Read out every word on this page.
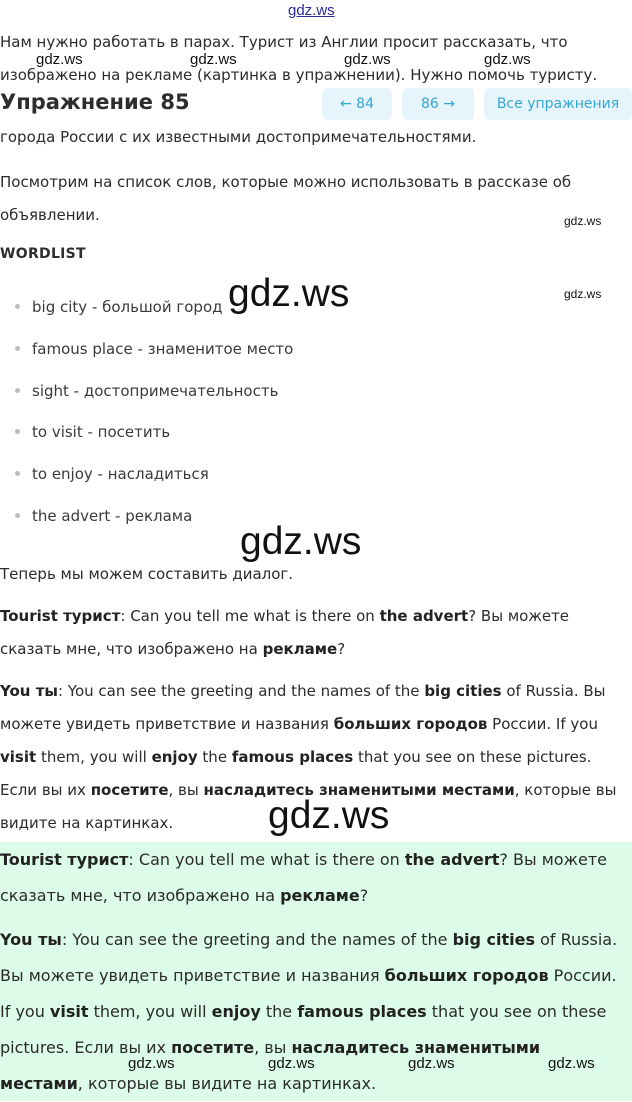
gdz.ws

Нам нужно работать в парах. Турист из Англии просит рассказать, что
изображено на рекламе (картинка в упражнении). Нужно помочь туристу.

gdz.ws	gdz.ws	gdz.ws	gdz.ws
города России с их известными достопримечательностями.
Упражнение 85	← 84	86 →	Все упражнения

Посмотрим на список слов, которые можно использовать в рассказе об объявлении.	gdz.ws
gdz.ws
WORDLIST
big city - большой город
famous place - знаменитое место
sight - достопримечательность
to visit - посетить
to enjoy - насладиться
the advert - реклама
gdz.ws
gdz.ws

Теперь мы можем составить диалог.

Tourist турист: Can you tell me what is there on the advert? Вы можете сказать мне, что изображено на рекламе?

You ты: You can see the greeting and the names of the big cities of Russia. Вы можете увидеть приветствие и названия больших городов России. If you visit them, you will enjoy the famous places that you see on these pictures. Если вы их посетите, вы насладитесь знаменитыми местами, которые вы видите на картинках.	gdz.ws

Tourist турист: Can you tell me what is there on the advert? Вы можете сказать мне, что изображено на рекламе?

You ты: You can see the greeting and the names of the big cities of Russia. Вы можете увидеть приветствие и названия больших городов России. If you visit them, you will enjoy the famous places that you see on these pictures. Если вы их посетите, вы насладитесь знаменитыми местами, которые вы видите на картинках.

gdz.ws	gdz.ws	gdz.ws	gdz.ws
